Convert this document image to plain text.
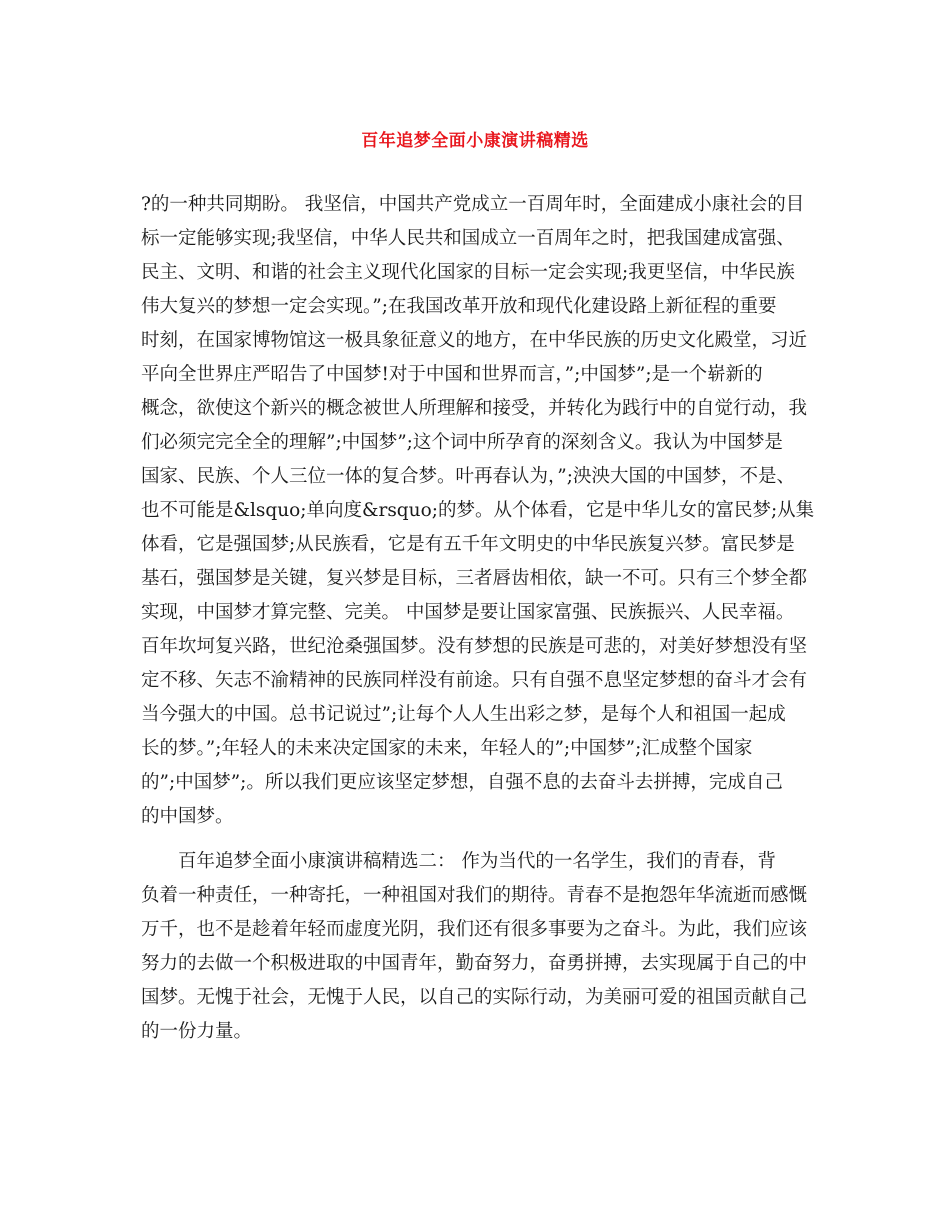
百年追梦全面小康演讲稿精选
?的一种共同期盼。 我坚信，中国共产党成立一百周年时，全面建成小康社会的目
标一定能够实现;我坚信，中华人民共和国成立一百周年之时，把我国建成富强、
民主、文明、和谐的社会主义现代化国家的目标一定会实现;我更坚信，中华民族
伟大复兴的梦想一定会实现。”;在我国改革开放和现代化建设路上新征程的重要
时刻，在国家博物馆这一极具象征意义的地方，在中华民族的历史文化殿堂，习近
平向全世界庄严昭告了中国梦!对于中国和世界而言，”;中国梦”;是一个崭新的
概念，欲使这个新兴的概念被世人所理解和接受，并转化为践行中的自觉行动，我
们必须完完全全的理解”;中国梦”;这个词中所孕育的深刻含义。我认为中国梦是
国家、民族、个人三位一体的复合梦。叶再春认为，”;泱泱大国的中国梦，不是、
也不可能是&lsquo;单向度&rsquo;的梦。从个体看，它是中华儿女的富民梦;从集
体看，它是强国梦;从民族看，它是有五千年文明史的中华民族复兴梦。富民梦是
基石，强国梦是关键，复兴梦是目标，三者唇齿相依，缺一不可。只有三个梦全都
实现，中国梦才算完整、完美。 中国梦是要让国家富强、民族振兴、人民幸福。
百年坎坷复兴路，世纪沧桑强国梦。没有梦想的民族是可悲的，对美好梦想没有坚
定不移、矢志不渝精神的民族同样没有前途。只有自强不息坚定梦想的奋斗才会有
当今强大的中国。总书记说过”;让每个人人生出彩之梦，是每个人和祖国一起成
长的梦。”;年轻人的未来决定国家的未来，年轻人的”;中国梦”;汇成整个国家
的”;中国梦”;。所以我们更应该坚定梦想，自强不息的去奋斗去拼搏，完成自己
的中国梦。
百年追梦全面小康演讲稿精选二： 作为当代的一名学生，我们的青春，背
负着一种责任，一种寄托，一种祖国对我们的期待。青春不是抱怨年华流逝而感慨
万千，也不是趁着年轻而虚度光阴，我们还有很多事要为之奋斗。为此，我们应该
努力的去做一个积极进取的中国青年，勤奋努力，奋勇拼搏，去实现属于自己的中
国梦。无愧于社会，无愧于人民，以自己的实际行动，为美丽可爱的祖国贡献自己
的一份力量。
